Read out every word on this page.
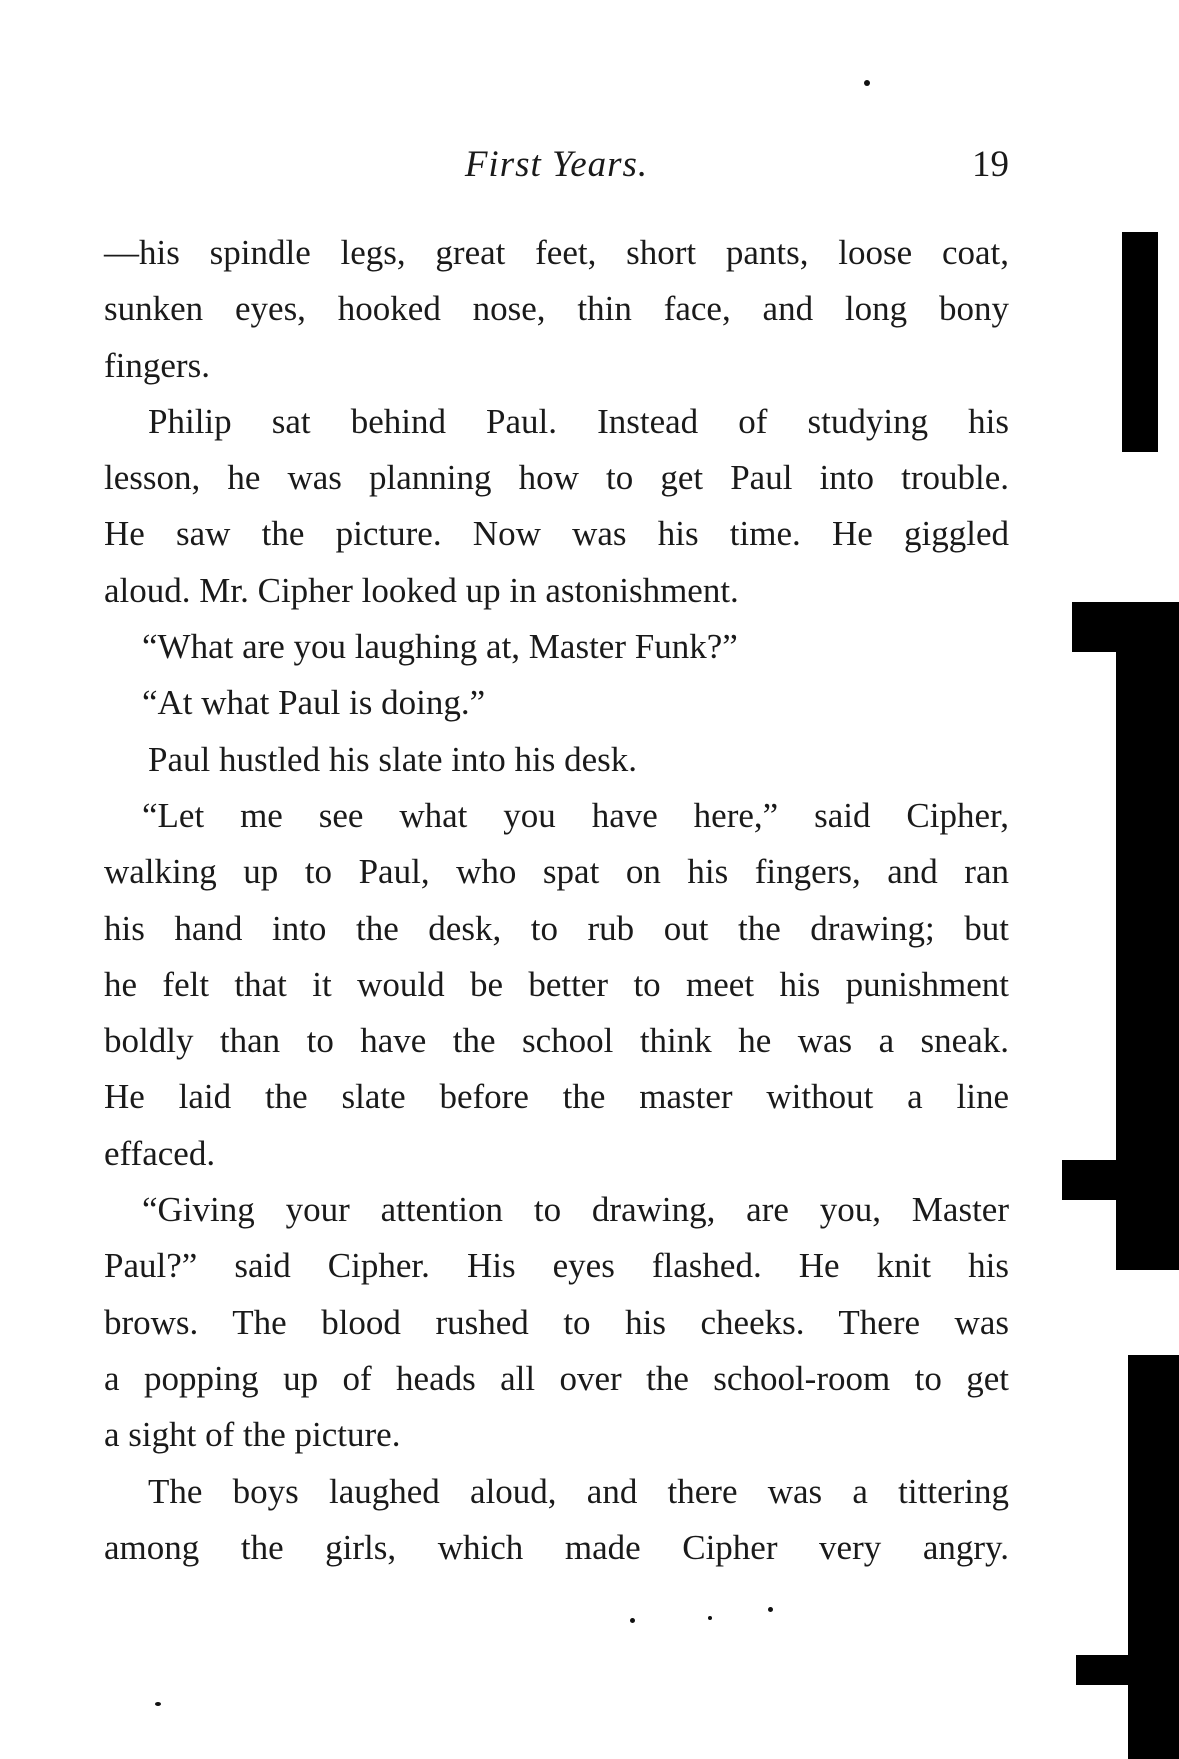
First Years.	19
—his spindle legs, great feet, short pants, loose coat,
sunken eyes, hooked nose, thin face, and long bony
fingers.
Philip sat behind Paul. Instead of studying his
lesson, he was planning how to get Paul into trouble.
He saw the picture. Now was his time. He giggled
aloud. Mr. Cipher looked up in astonishment.
“What are you laughing at, Master Funk?”
“At what Paul is doing.”
Paul hustled his slate into his desk.
“Let me see what you have here,” said Cipher,
walking up to Paul, who spat on his fingers, and ran
his hand into the desk, to rub out the drawing; but
he felt that it would be better to meet his punishment
boldly than to have the school think he was a sneak.
He laid the slate before the master without a line
effaced.
“Giving your attention to drawing, are you, Master
Paul?” said Cipher. His eyes flashed. He knit his
brows. The blood rushed to his cheeks. There was
a popping up of heads all over the school-room to get
a sight of the picture.
The boys laughed aloud, and there was a tittering
among the girls, which made Cipher very angry.
